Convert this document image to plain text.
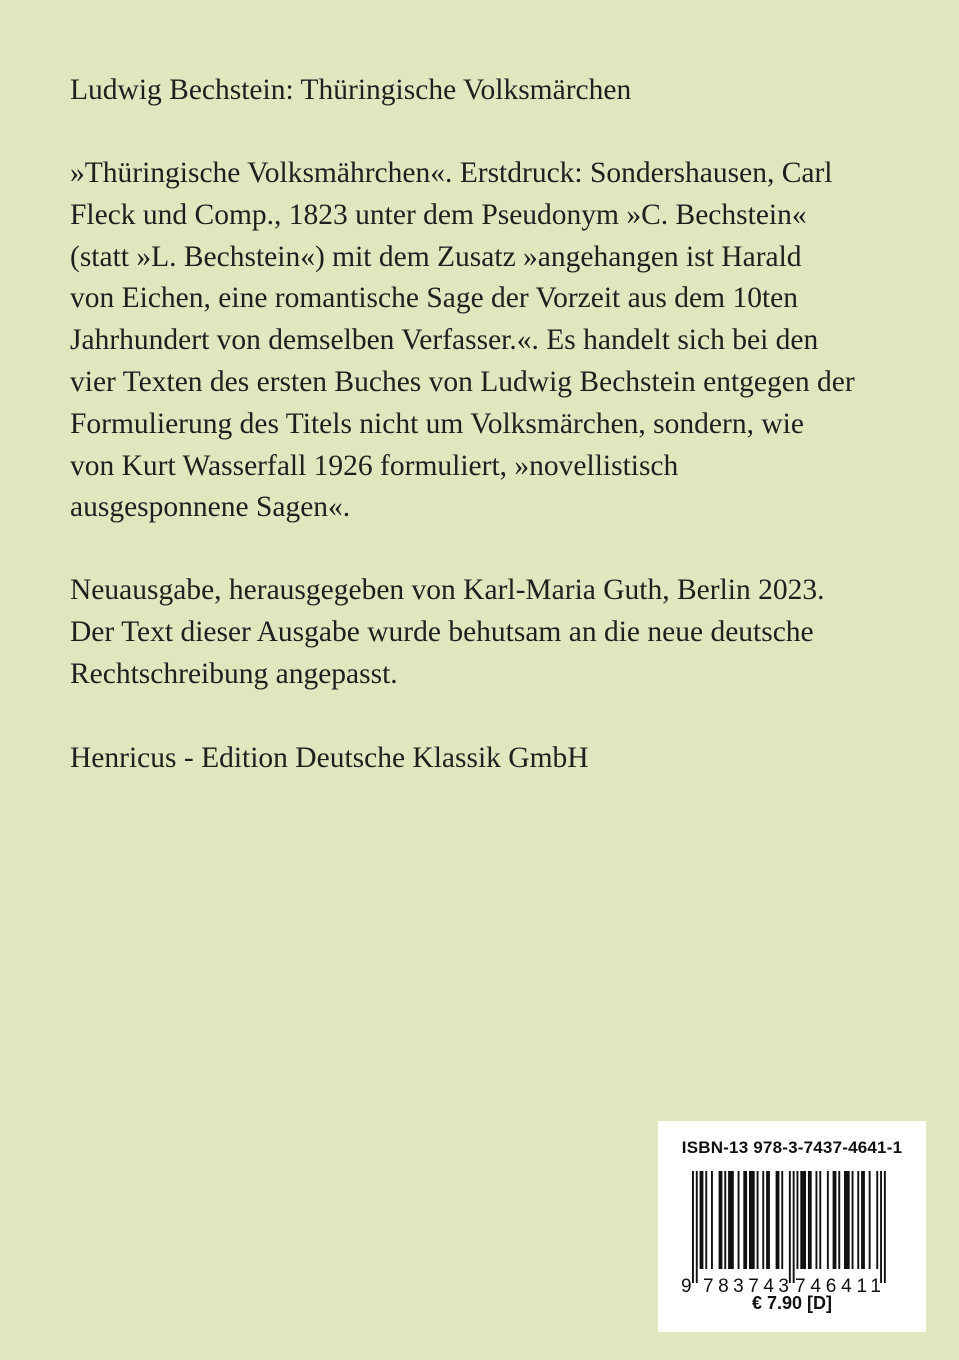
Ludwig Bechstein: Thüringische Volksmärchen

»Thüringische Volksmährchen«. Erstdruck: Sondershausen, Carl
Fleck und Comp., 1823 unter dem Pseudonym »C. Bechstein«
(statt »L. Bechstein«) mit dem Zusatz »angehangen ist Harald
von Eichen, eine romantische Sage der Vorzeit aus dem 10ten
Jahrhundert von demselben Verfasser.«. Es handelt sich bei den
vier Texten des ersten Buches von Ludwig Bechstein entgegen der
Formulierung des Titels nicht um Volksmärchen, sondern, wie
von Kurt Wasserfall 1926 formuliert, »novellistisch
ausgesponnene Sagen«.
Neuausgabe, herausgegeben von Karl-Maria Guth, Berlin 2023.
Der Text dieser Ausgabe wurde behutsam an die neue deutsche
Rechtschreibung angepasst.

Henricus - Edition Deutsche Klassik GmbH

ISBN-13 978-3-7437-4641-1
9 783743 746411
€ 7.90 [D]
